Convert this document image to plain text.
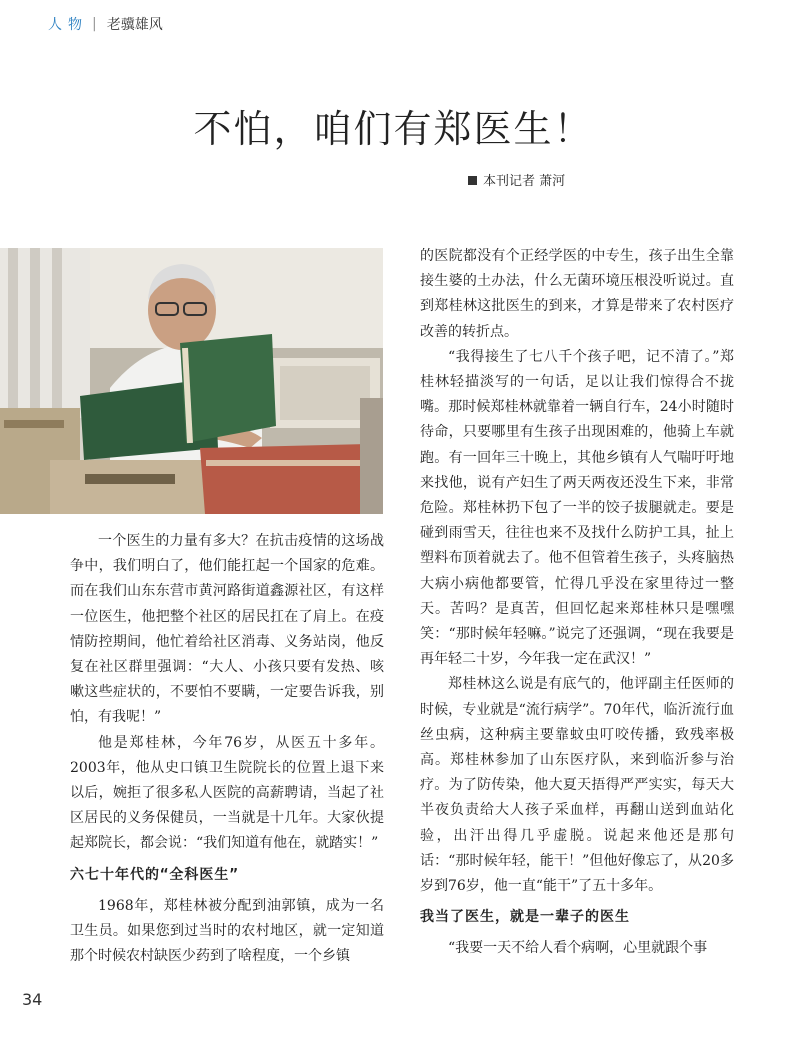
人物 | 老骥雄风
不怕，咱们有郑医生！
本刊记者 萧河

一个医生的力量有多大？在抗击疫情的这场战争中，我们明白了，他们能扛起一个国家的危难。而在我们山东东营市黄河路街道鑫源社区，有这样一位医生，他把整个社区的居民扛在了肩上。在疫情防控期间，他忙着给社区消毒、义务站岗，他反复在社区群里强调：“大人、小孩只要有发热、咳嗽这些症状的，不要怕不要瞒，一定要告诉我，别怕，有我呢！”

他是郑桂林，今年76岁，从医五十多年。2003年，他从史口镇卫生院院长的位置上退下来以后，婉拒了很多私人医院的高薪聘请，当起了社区居民的义务保健员，一当就是十几年。大家伙提起郑院长，都会说：“我们知道有他在，就踏实！”

六七十年代的“全科医生”

1968年，郑桂林被分配到油郭镇，成为一名卫生员。如果您到过当时的农村地区，就一定知道那个时候农村缺医少药到了啥程度，一个乡镇

的医院都没有个正经学医的中专生，孩子出生全靠接生婆的土办法，什么无菌环境压根没听说过。直到郑桂林这批医生的到来，才算是带来了农村医疗改善的转折点。

“我得接生了七八千个孩子吧，记不清了。”郑桂林轻描淡写的一句话，足以让我们惊得合不拢嘴。那时候郑桂林就靠着一辆自行车，24小时随时待命，只要哪里有生孩子出现困难的，他骑上车就跑。有一回年三十晚上，其他乡镇有人气喘吁吁地来找他，说有产妇生了两天两夜还没生下来，非常危险。郑桂林扔下包了一半的饺子拔腿就走。要是碰到雨雪天，往往也来不及找什么防护工具，扯上塑料布顶着就去了。他不但管着生孩子，头疼脑热大病小病他都要管，忙得几乎没在家里待过一整天。苦吗？是真苦，但回忆起来郑桂林只是嘿嘿笑：“那时候年轻嘛。”说完了还强调，“现在我要是再年轻二十岁，今年我一定在武汉！”

郑桂林这么说是有底气的，他评副主任医师的时候，专业就是“流行病学”。70年代，临沂流行血丝虫病，这种病主要靠蚊虫叮咬传播，致残率极高。郑桂林参加了山东医疗队，来到临沂参与治疗。为了防传染，他大夏天捂得严严实实，每天大半夜负责给大人孩子采血样，再翻山送到血站化验，出汗出得几乎虚脱。说起来他还是那句话：“那时候年轻，能干！”但他好像忘了，从20多岁到76岁，他一直“能干”了五十多年。

我当了医生，就是一辈子的医生

“我要一天不给人看个病啊，心里就跟个事

34
